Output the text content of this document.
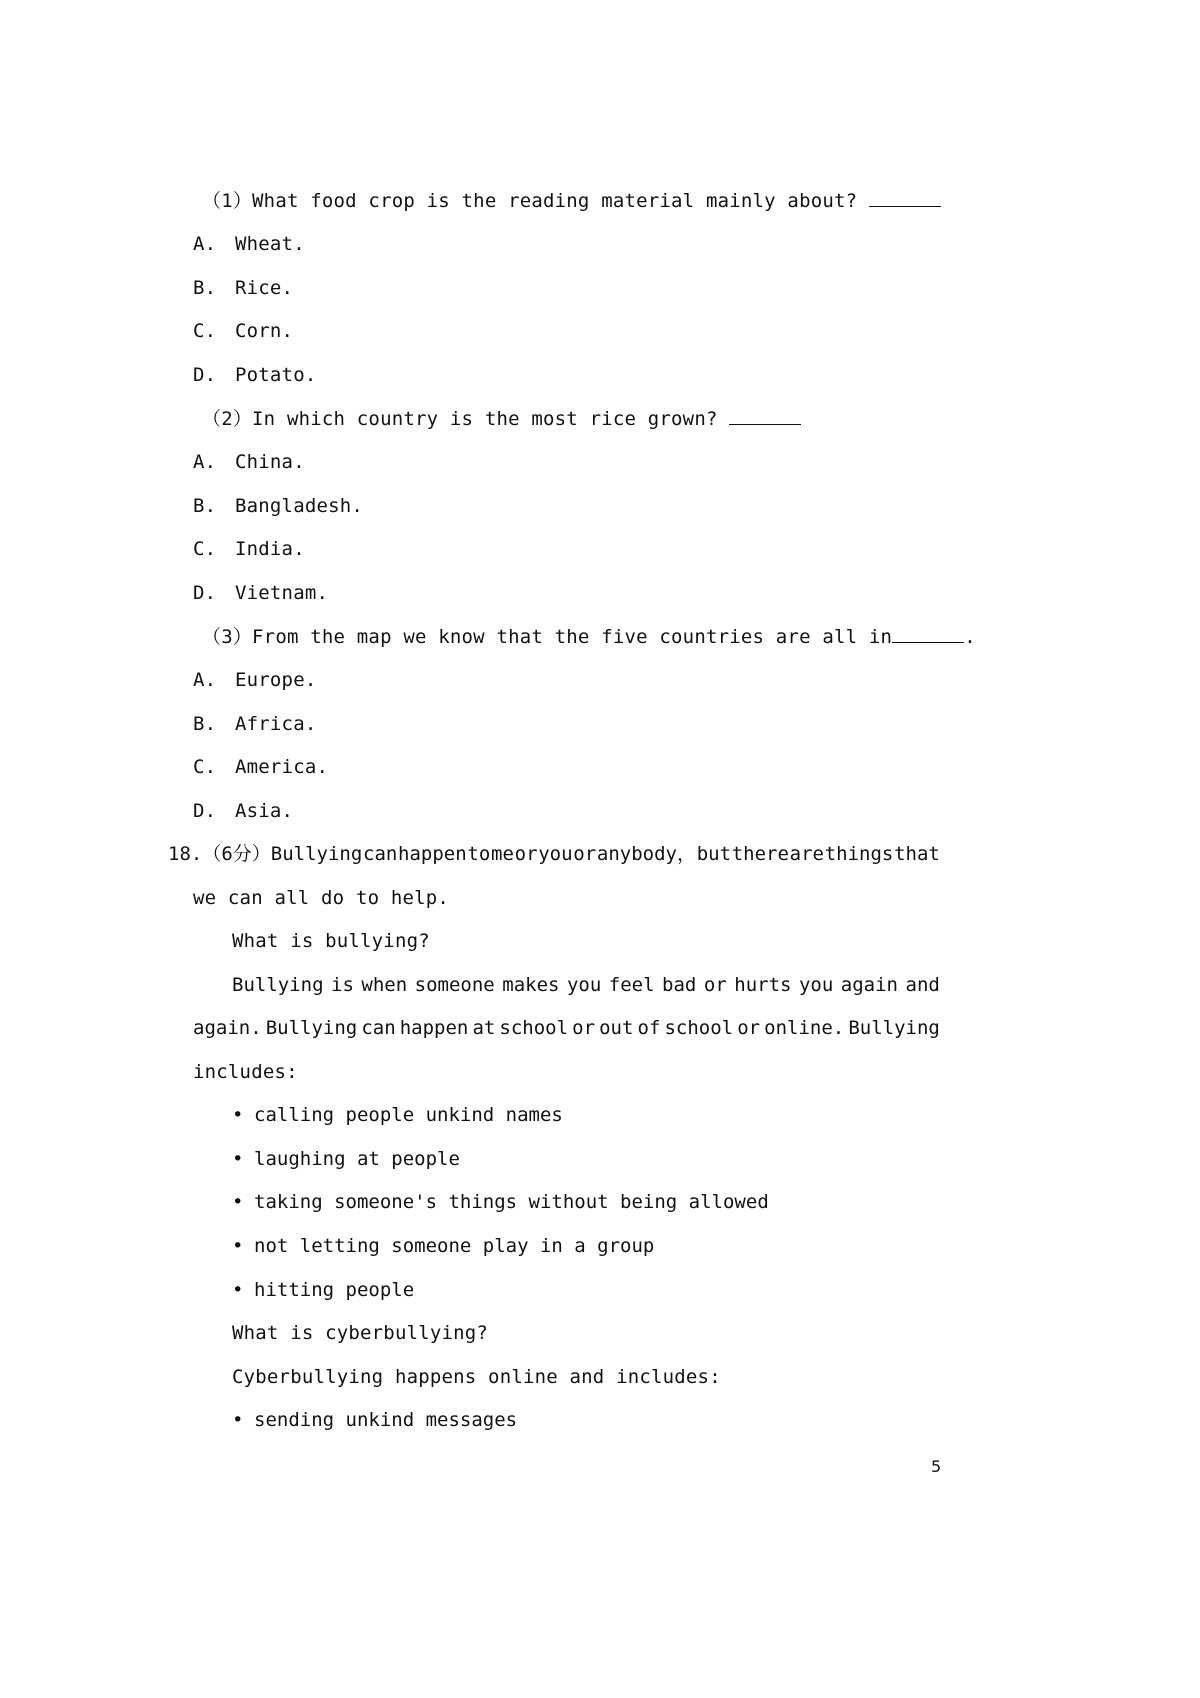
（1）What food crop is the reading material mainly about?
A. Wheat.
B. Rice.
C. Corn.
D. Potato.
（2）In which country is the most rice grown?
A. China.
B. Bangladesh.
C. India.
D. Vietnam.
（3）From the map we know that the five countries are all in	.
A. Europe.
B. Africa.
C. America.
D. Asia.
18.（6分）Bullying can happen to me or you or anybody， but there are things that
we can all do to help.
What is bullying?
Bullying is when someone makes you feel bad or hurts you again and
again. Bullying can happen at school or out of school or online. Bullying
includes:
• calling people unkind names
• laughing at people
• taking someone's things without being allowed
• not letting someone play in a group
• hitting people
What is cyberbullying?
Cyberbullying happens online and includes:
• sending unkind messages
5
